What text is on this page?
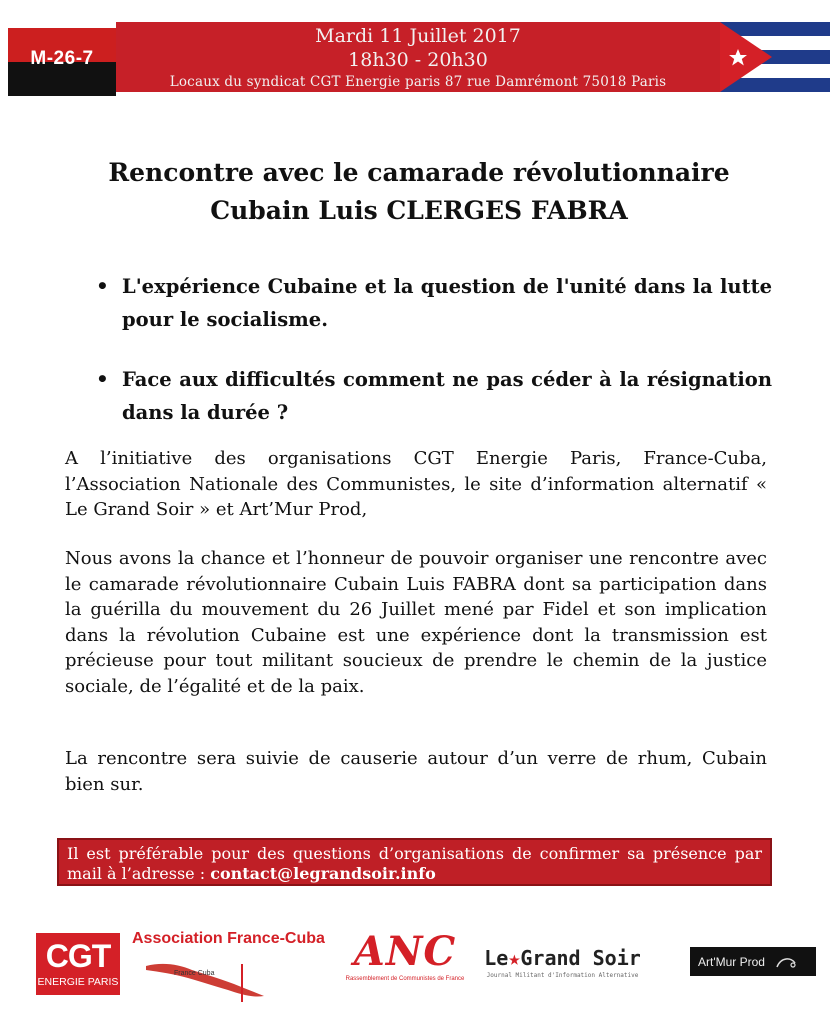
M-26-7
Mardi 11 Juillet 2017
18h30 - 20h30
Locaux du syndicat CGT Energie paris 87 rue Damrémont 75018 Paris
Rencontre avec le camarade révolutionnaire
Cubain Luis CLERGES FABRA
• L'expérience Cubaine et la question de l'unité dans la lutte pour le socialisme.
• Face aux difficultés comment ne pas céder à la résignation dans la durée ?
A l’initiative des organisations CGT Energie Paris, France-Cuba, l’Association Nationale des Communistes, le site d’information alternatif « Le Grand Soir » et Art’Mur Prod,
Nous avons la chance et l’honneur de pouvoir organiser une rencontre avec le camarade révolutionnaire Cubain Luis FABRA dont sa participation dans la guérilla du mouvement du 26 Juillet mené par Fidel et son implication dans la révolution Cubaine est une expérience dont la transmission est précieuse pour tout militant soucieux de prendre le chemin de la justice sociale, de l’égalité et de la paix.
La rencontre sera suivie de causerie autour d’un verre de rhum, Cubain bien sur.
Il est préférable pour des questions d’organisations de confirmer sa présence par mail à l’adresse : contact@legrandsoir.info
CGT
ENERGIE PARIS
Association France-Cuba
France Cuba	ANC
Rassemblement de Communistes de France
Le★Grand Soir
Journal Militant d'Information Alternative
Art'Mur Prod
